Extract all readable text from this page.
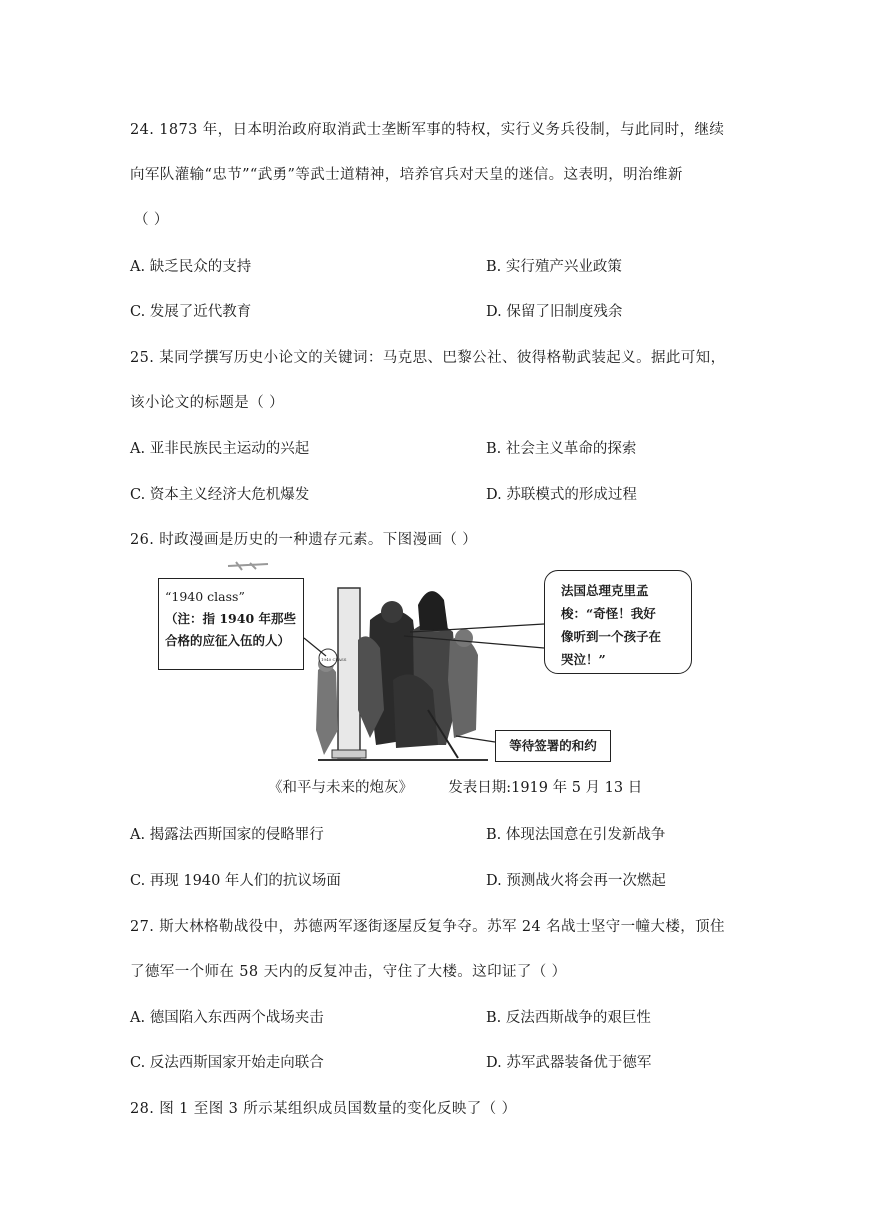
24. 1873 年，日本明治政府取消武士垄断军事的特权，实行义务兵役制，与此同时，继续
向军队灌输“忠节”“武勇”等武士道精神，培养官兵对天皇的迷信。这表明，明治维新
（ ）
A. 缺乏民众的支持	B. 实行殖产兴业政策
C. 发展了近代教育	D. 保留了旧制度残余
25. 某同学撰写历史小论文的关键词：马克思、巴黎公社、彼得格勒武装起义。据此可知，
该小论文的标题是（ ）
A. 亚非民族民主运动的兴起	B. 社会主义革命的探索
C. 资本主义经济大危机爆发	D. 苏联模式的形成过程
26. 时政漫画是历史的一种遗存元素。下图漫画（ ）
1940 CLASS
“1940 class”
（注：指 1940 年那些
合格的应征入伍的人）
法国总理克里孟
梭：“奇怪！我好
像听到一个孩子在
哭泣！”
等待签署的和约
《和平与未来的炮灰》 发表日期:1919 年 5 月 13 日
A. 揭露法西斯国家的侵略罪行	B. 体现法国意在引发新战争
C. 再现 1940 年人们的抗议场面	D. 预测战火将会再一次燃起
27. 斯大林格勒战役中，苏德两军逐街逐屋反复争夺。苏军 24 名战士坚守一幢大楼，顶住
了德军一个师在 58 天内的反复冲击，守住了大楼。这印证了（ ）
A. 德国陷入东西两个战场夹击	B. 反法西斯战争的艰巨性
C. 反法西斯国家开始走向联合	D. 苏军武器装备优于德军
28. 图 1 至图 3 所示某组织成员国数量的变化反映了（ ）
